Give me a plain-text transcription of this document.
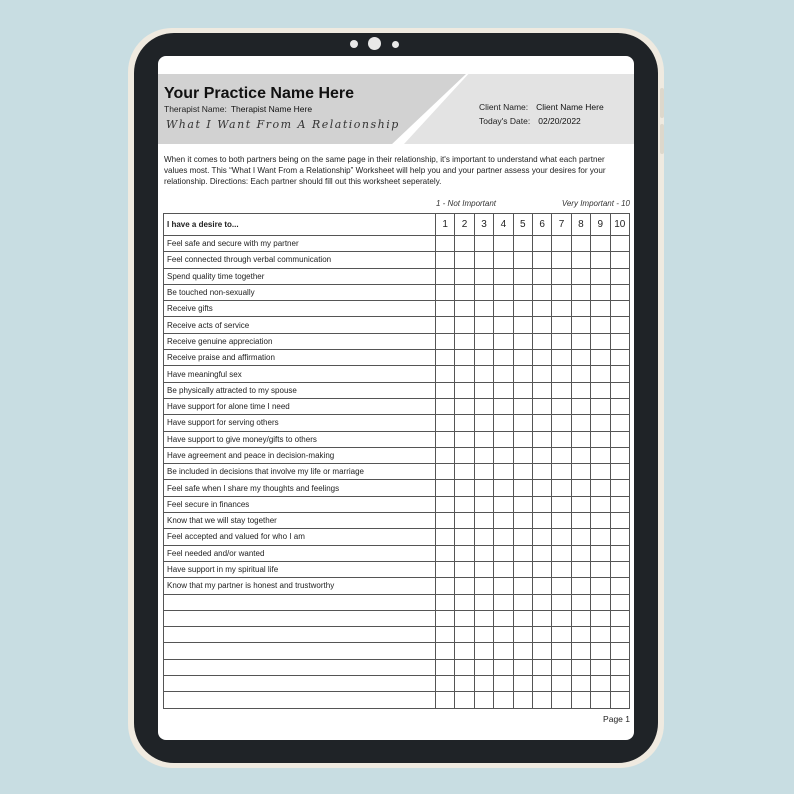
Your Practice Name Here
Therapist Name: Therapist Name Here
What I Want From A Relationship
Client Name: Client Name Here
Today's Date: 02/20/2022
When it comes to both partners being on the same page in their relationship, it's important to understand what each partner values most. This “What I Want From a Relationship” Worksheet will help you and your partner assess your desires for your relationship. Directions: Each partner should fill out this worksheet seperately.
1 - Not Important	Very Important - 10
I have a desire to...	1	2	3	4	5	6	7	8	9	10
Feel safe and secure with my partner										
Feel connected through verbal communication										
Spend quality time together										
Be touched non-sexually										
Receive gifts										
Receive acts of service										
Receive genuine appreciation										
Receive praise and affirmation										
Have meaningful sex										
Be physically attracted to my spouse										
Have support for alone time I need										
Have support for serving others										
Have support to give money/gifts to others										
Have agreement and peace in decision-making										
Be included in decisions that involve my life or marriage										
Feel safe when I share my thoughts and feelings										
Feel secure in finances										
Know that we will stay together										
Feel accepted and valued for who I am										
Feel needed and/or wanted										
Have support in my spiritual life										
Know that my partner is honest and trustworthy										

Page 1
